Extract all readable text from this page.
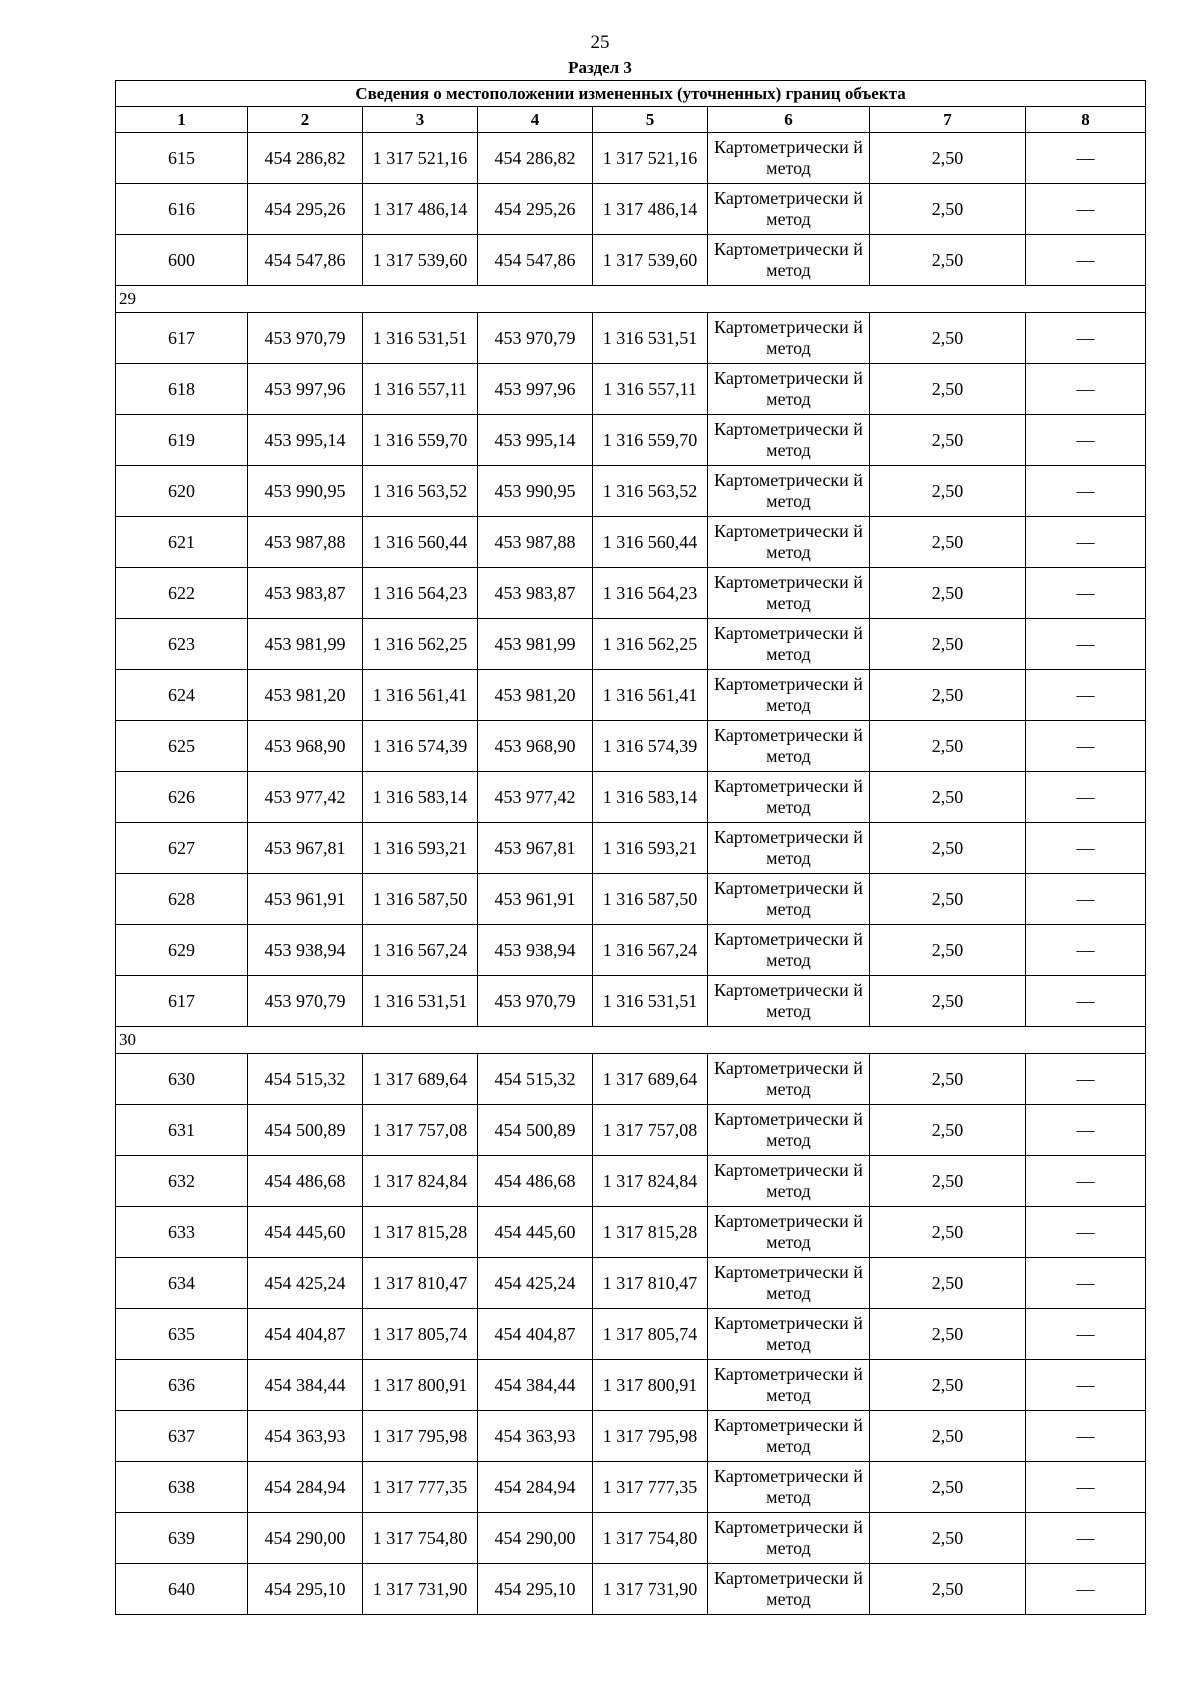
25
Раздел 3
Сведения о местоположении измененных (уточненных) границ объекта							
1	2	3	4	5	6	7	8
615	454 286,82	1 317 521,16	454 286,82	1 317 521,16	Картометрически й метод	2,50	—
616	454 295,26	1 317 486,14	454 295,26	1 317 486,14	Картометрически й метод	2,50	—
600	454 547,86	1 317 539,60	454 547,86	1 317 539,60	Картометрически й метод	2,50	—
29							
617	453 970,79	1 316 531,51	453 970,79	1 316 531,51	Картометрически й метод	2,50	—
618	453 997,96	1 316 557,11	453 997,96	1 316 557,11	Картометрически й метод	2,50	—
619	453 995,14	1 316 559,70	453 995,14	1 316 559,70	Картометрически й метод	2,50	—
620	453 990,95	1 316 563,52	453 990,95	1 316 563,52	Картометрически й метод	2,50	—
621	453 987,88	1 316 560,44	453 987,88	1 316 560,44	Картометрически й метод	2,50	—
622	453 983,87	1 316 564,23	453 983,87	1 316 564,23	Картометрически й метод	2,50	—
623	453 981,99	1 316 562,25	453 981,99	1 316 562,25	Картометрически й метод	2,50	—
624	453 981,20	1 316 561,41	453 981,20	1 316 561,41	Картометрически й метод	2,50	—
625	453 968,90	1 316 574,39	453 968,90	1 316 574,39	Картометрически й метод	2,50	—
626	453 977,42	1 316 583,14	453 977,42	1 316 583,14	Картометрически й метод	2,50	—
627	453 967,81	1 316 593,21	453 967,81	1 316 593,21	Картометрически й метод	2,50	—
628	453 961,91	1 316 587,50	453 961,91	1 316 587,50	Картометрически й метод	2,50	—
629	453 938,94	1 316 567,24	453 938,94	1 316 567,24	Картометрически й метод	2,50	—
617	453 970,79	1 316 531,51	453 970,79	1 316 531,51	Картометрически й метод	2,50	—
30							
630	454 515,32	1 317 689,64	454 515,32	1 317 689,64	Картометрически й метод	2,50	—
631	454 500,89	1 317 757,08	454 500,89	1 317 757,08	Картометрически й метод	2,50	—
632	454 486,68	1 317 824,84	454 486,68	1 317 824,84	Картометрически й метод	2,50	—
633	454 445,60	1 317 815,28	454 445,60	1 317 815,28	Картометрически й метод	2,50	—
634	454 425,24	1 317 810,47	454 425,24	1 317 810,47	Картометрически й метод	2,50	—
635	454 404,87	1 317 805,74	454 404,87	1 317 805,74	Картометрически й метод	2,50	—
636	454 384,44	1 317 800,91	454 384,44	1 317 800,91	Картометрически й метод	2,50	—
637	454 363,93	1 317 795,98	454 363,93	1 317 795,98	Картометрически й метод	2,50	—
638	454 284,94	1 317 777,35	454 284,94	1 317 777,35	Картометрически й метод	2,50	—
639	454 290,00	1 317 754,80	454 290,00	1 317 754,80	Картометрически й метод	2,50	—
640	454 295,10	1 317 731,90	454 295,10	1 317 731,90	Картометрически й метод	2,50	—
